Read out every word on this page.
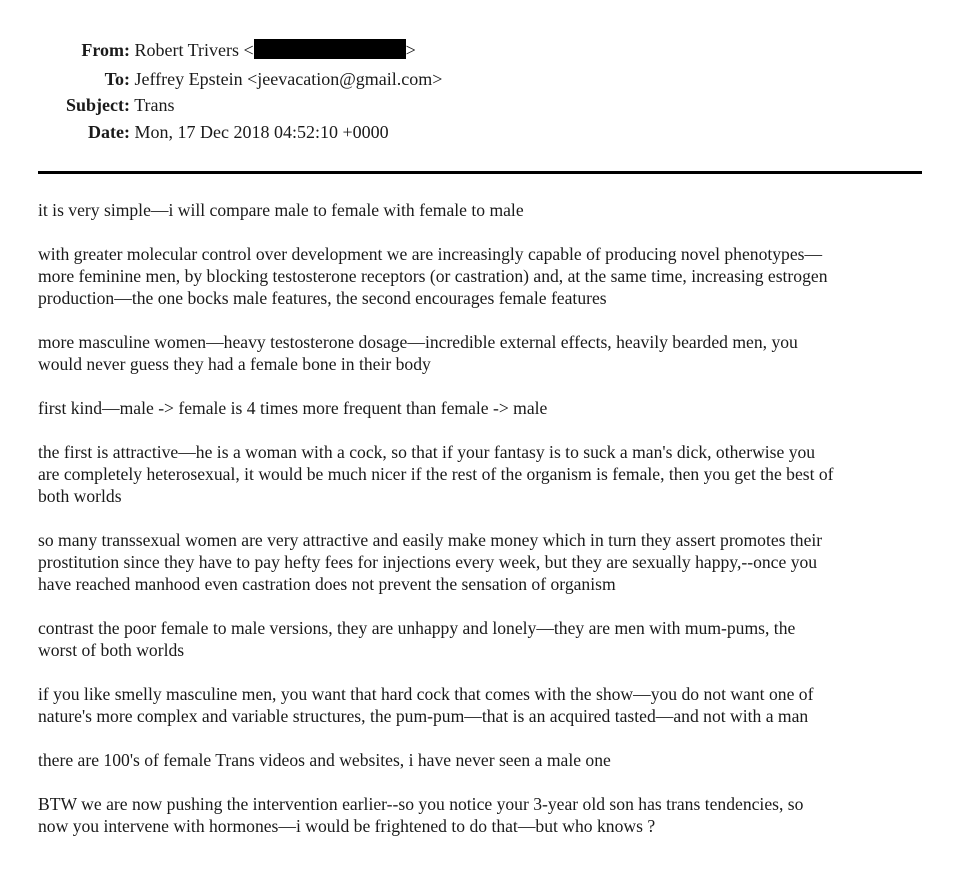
From: Robert Trivers <	>
To: Jeffrey Epstein <jeevacation@gmail.com>
Subject: Trans
Date: Mon, 17 Dec 2018 04:52:10 +0000

it is very simple—i will compare male to female with female to male

with greater molecular control over development we are increasingly capable of producing novel phenotypes—
more feminine men, by blocking testosterone receptors (or castration) and, at the same time, increasing estrogen
production—the one bocks male features, the second encourages female features

more masculine women—heavy testosterone dosage—incredible external effects, heavily bearded men, you
would never guess they had a female bone in their body

first kind—male -> female is 4 times more frequent than female -> male

the first is attractive—he is a woman with a cock, so that if your fantasy is to suck a man's dick, otherwise you
are completely heterosexual, it would be much nicer if the rest of the organism is female, then you get the best of
both worlds

so many transsexual women are very attractive and easily make money which in turn they assert promotes their
prostitution since they have to pay hefty fees for injections every week, but they are sexually happy,--once you
have reached manhood even castration does not prevent the sensation of organism

contrast the poor female to male versions, they are unhappy and lonely—they are men with mum-pums, the
worst of both worlds

if you like smelly masculine men, you want that hard cock that comes with the show—you do not want one of
nature's more complex and variable structures, the pum-pum—that is an acquired tasted—and not with a man

there are 100's of female Trans videos and websites, i have never seen a male one

BTW we are now pushing the intervention earlier--so you notice your 3-year old son has trans tendencies, so
now you intervene with hormones—i would be frightened to do that—but who knows ?
